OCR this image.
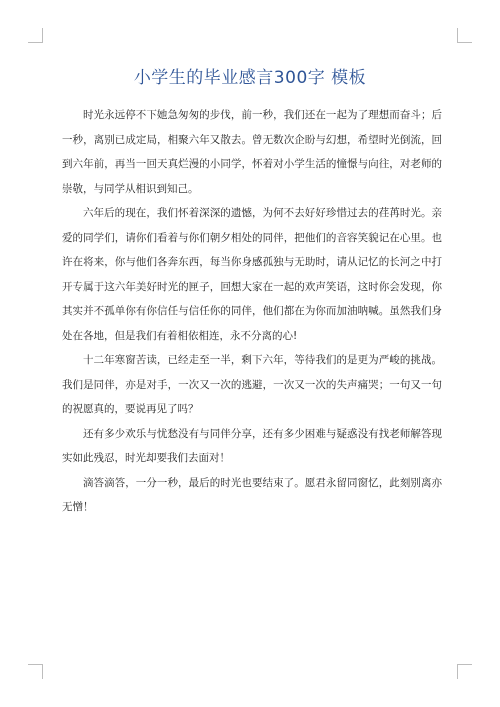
小学生的毕业感言300字 模板

时光永远停不下她急匆匆的步伐，前一秒，我们还在一起为了理想而奋斗；后一秒，离别已成定局，相聚六年又散去。曾无数次企盼与幻想，希望时光倒流，回到六年前，再当一回天真烂漫的小同学，怀着对小学生活的憧憬与向往，对老师的崇敬，与同学从相识到知己。

六年后的现在，我们怀着深深的遗憾，为何不去好好珍惜过去的荏苒时光。亲爱的同学们，请你们看着与你们朝夕相处的同伴，把他们的音容笑貌记在心里。也许在将来，你与他们各奔东西，每当你身感孤独与无助时，请从记忆的长河之中打开专属于这六年美好时光的匣子，回想大家在一起的欢声笑语，这时你会发现，你其实并不孤单你有你信任与信任你的同伴，他们都在为你而加油呐喊。虽然我们身处在各地，但是我们有着相依相连，永不分离的心!

十二年寒窗苦读，已经走至一半，剩下六年，等待我们的是更为严峻的挑战。我们是同伴，亦是对手，一次又一次的逃避，一次又一次的失声痛哭；一句又一句的祝愿真的，要说再见了吗？

还有多少欢乐与忧愁没有与同伴分享，还有多少困难与疑惑没有找老师解答现实如此残忍，时光却要我们去面对！

滴答滴答，一分一秒，最后的时光也要结束了。愿君永留同窗忆，此刻别离亦无憎！
